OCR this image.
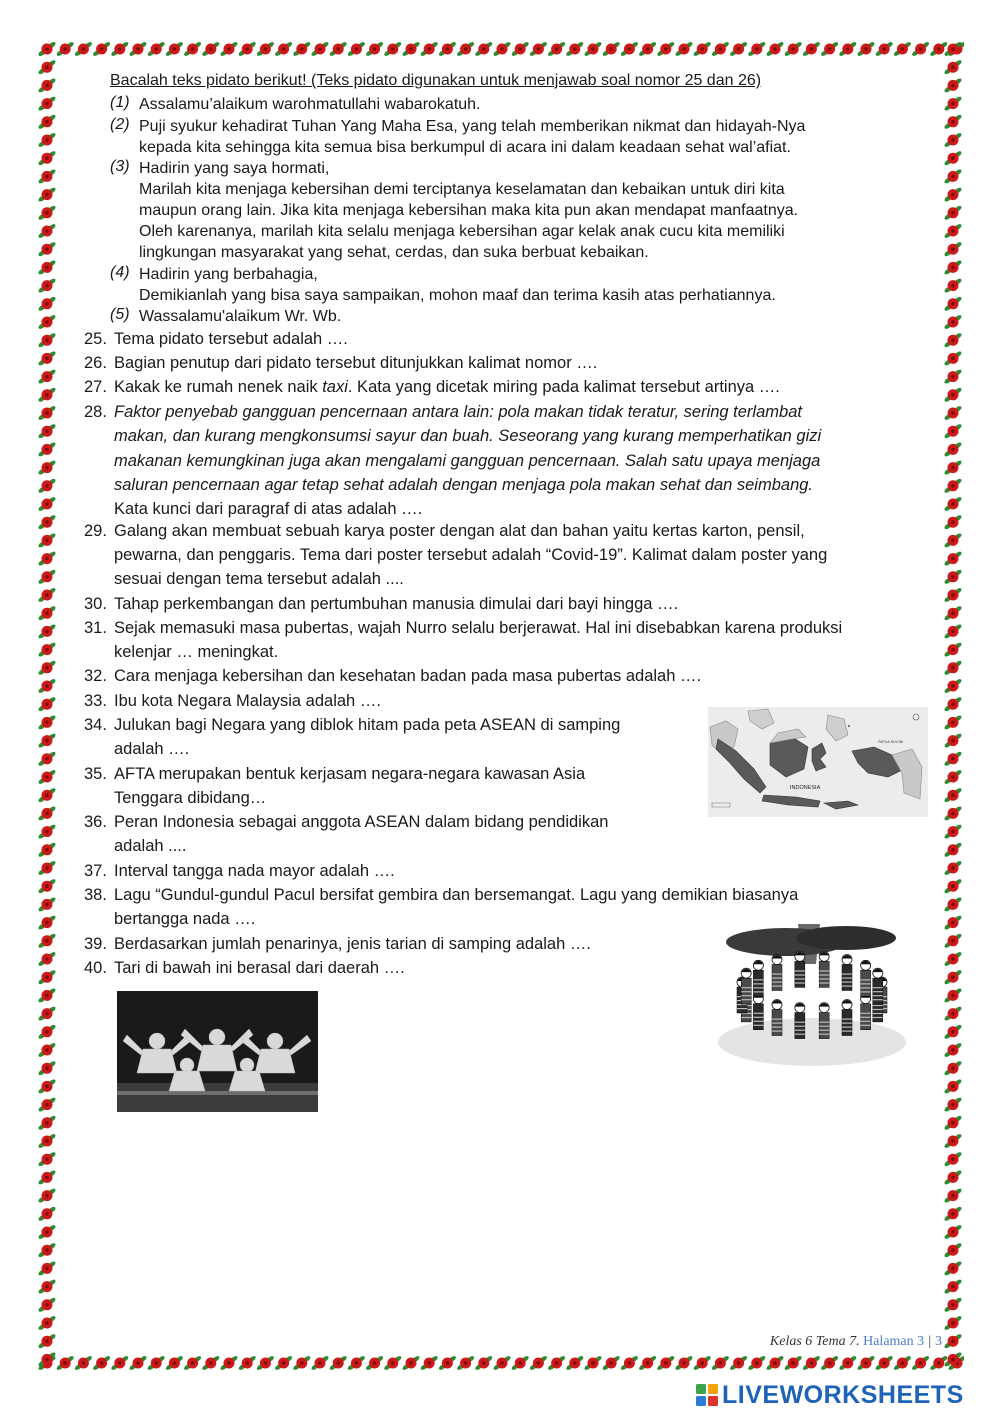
Bacalah teks pidato berikut! (Teks pidato digunakan untuk menjawab soal nomor 25 dan 26)
(1) Assalamu’alaikum warohmatullahi wabarokatuh.
(2) Puji syukur kehadirat Tuhan Yang Maha Esa, yang telah memberikan nikmat dan hidayah-Nya
kepada kita sehingga kita semua bisa berkumpul di acara ini dalam keadaan sehat wal’afiat.
(3) Hadirin yang saya hormati,
Marilah kita menjaga kebersihan demi terciptanya keselamatan dan kebaikan untuk diri kita
maupun orang lain. Jika kita menjaga kebersihan maka kita pun akan mendapat manfaatnya.
Oleh karenanya, marilah kita selalu menjaga kebersihan agar kelak anak cucu kita memiliki
lingkungan masyarakat yang sehat, cerdas, dan suka berbuat kebaikan.
(4) Hadirin yang berbahagia,
Demikianlah yang bisa saya sampaikan, mohon maaf dan terima kasih atas perhatiannya.
(5) Wassalamu'alaikum Wr. Wb.
25. Tema pidato tersebut adalah ….
26. Bagian penutup dari pidato tersebut ditunjukkan kalimat nomor ….
27. Kakak ke rumah nenek naik taxi. Kata yang dicetak miring pada kalimat tersebut artinya ….
28. Faktor penyebab gangguan pencernaan antara lain: pola makan tidak teratur, sering terlambat
makan, dan kurang mengkonsumsi sayur dan buah. Seseorang yang kurang memperhatikan gizi
makanan kemungkinan juga akan mengalami gangguan pencernaan. Salah satu upaya menjaga
saluran pencernaan agar tetap sehat adalah dengan menjaga pola makan sehat dan seimbang.
Kata kunci dari paragraf di atas adalah ….
29. Galang akan membuat sebuah karya poster dengan alat dan bahan yaitu kertas karton, pensil,
pewarna, dan penggaris. Tema dari poster tersebut adalah “Covid-19”. Kalimat dalam poster yang
sesuai dengan tema tersebut adalah ....
30. Tahap perkembangan dan pertumbuhan manusia dimulai dari bayi hingga ….
31. Sejak memasuki masa pubertas, wajah Nurro selalu berjerawat. Hal ini disebabkan karena produksi
kelenjar … meningkat.
32. Cara menjaga kebersihan dan kesehatan badan pada masa pubertas adalah ….
33. Ibu kota Negara Malaysia adalah ….
34. Julukan bagi Negara yang diblok hitam pada peta ASEAN di samping
adalah ….
35. AFTA merupakan bentuk kerjasam negara-negara kawasan Asia
Tenggara dibidang…
36. Peran Indonesia sebagai anggota ASEAN dalam bidang pendidikan
adalah ....
37. Interval tangga nada mayor adalah ….
38. Lagu “Gundul-gundul Pacul bersifat gembira dan bersemangat. Lagu yang demikian biasanya
bertangga nada ….
39. Berdasarkan jumlah penarinya, jenis tarian di samping adalah ….
40. Tari di bawah ini berasal dari daerah ….
INDONESIA
PAPUA NUGINI
Kelas 6 Tema 7. Halaman 3 | 3
LIVEWORKSHEETS
